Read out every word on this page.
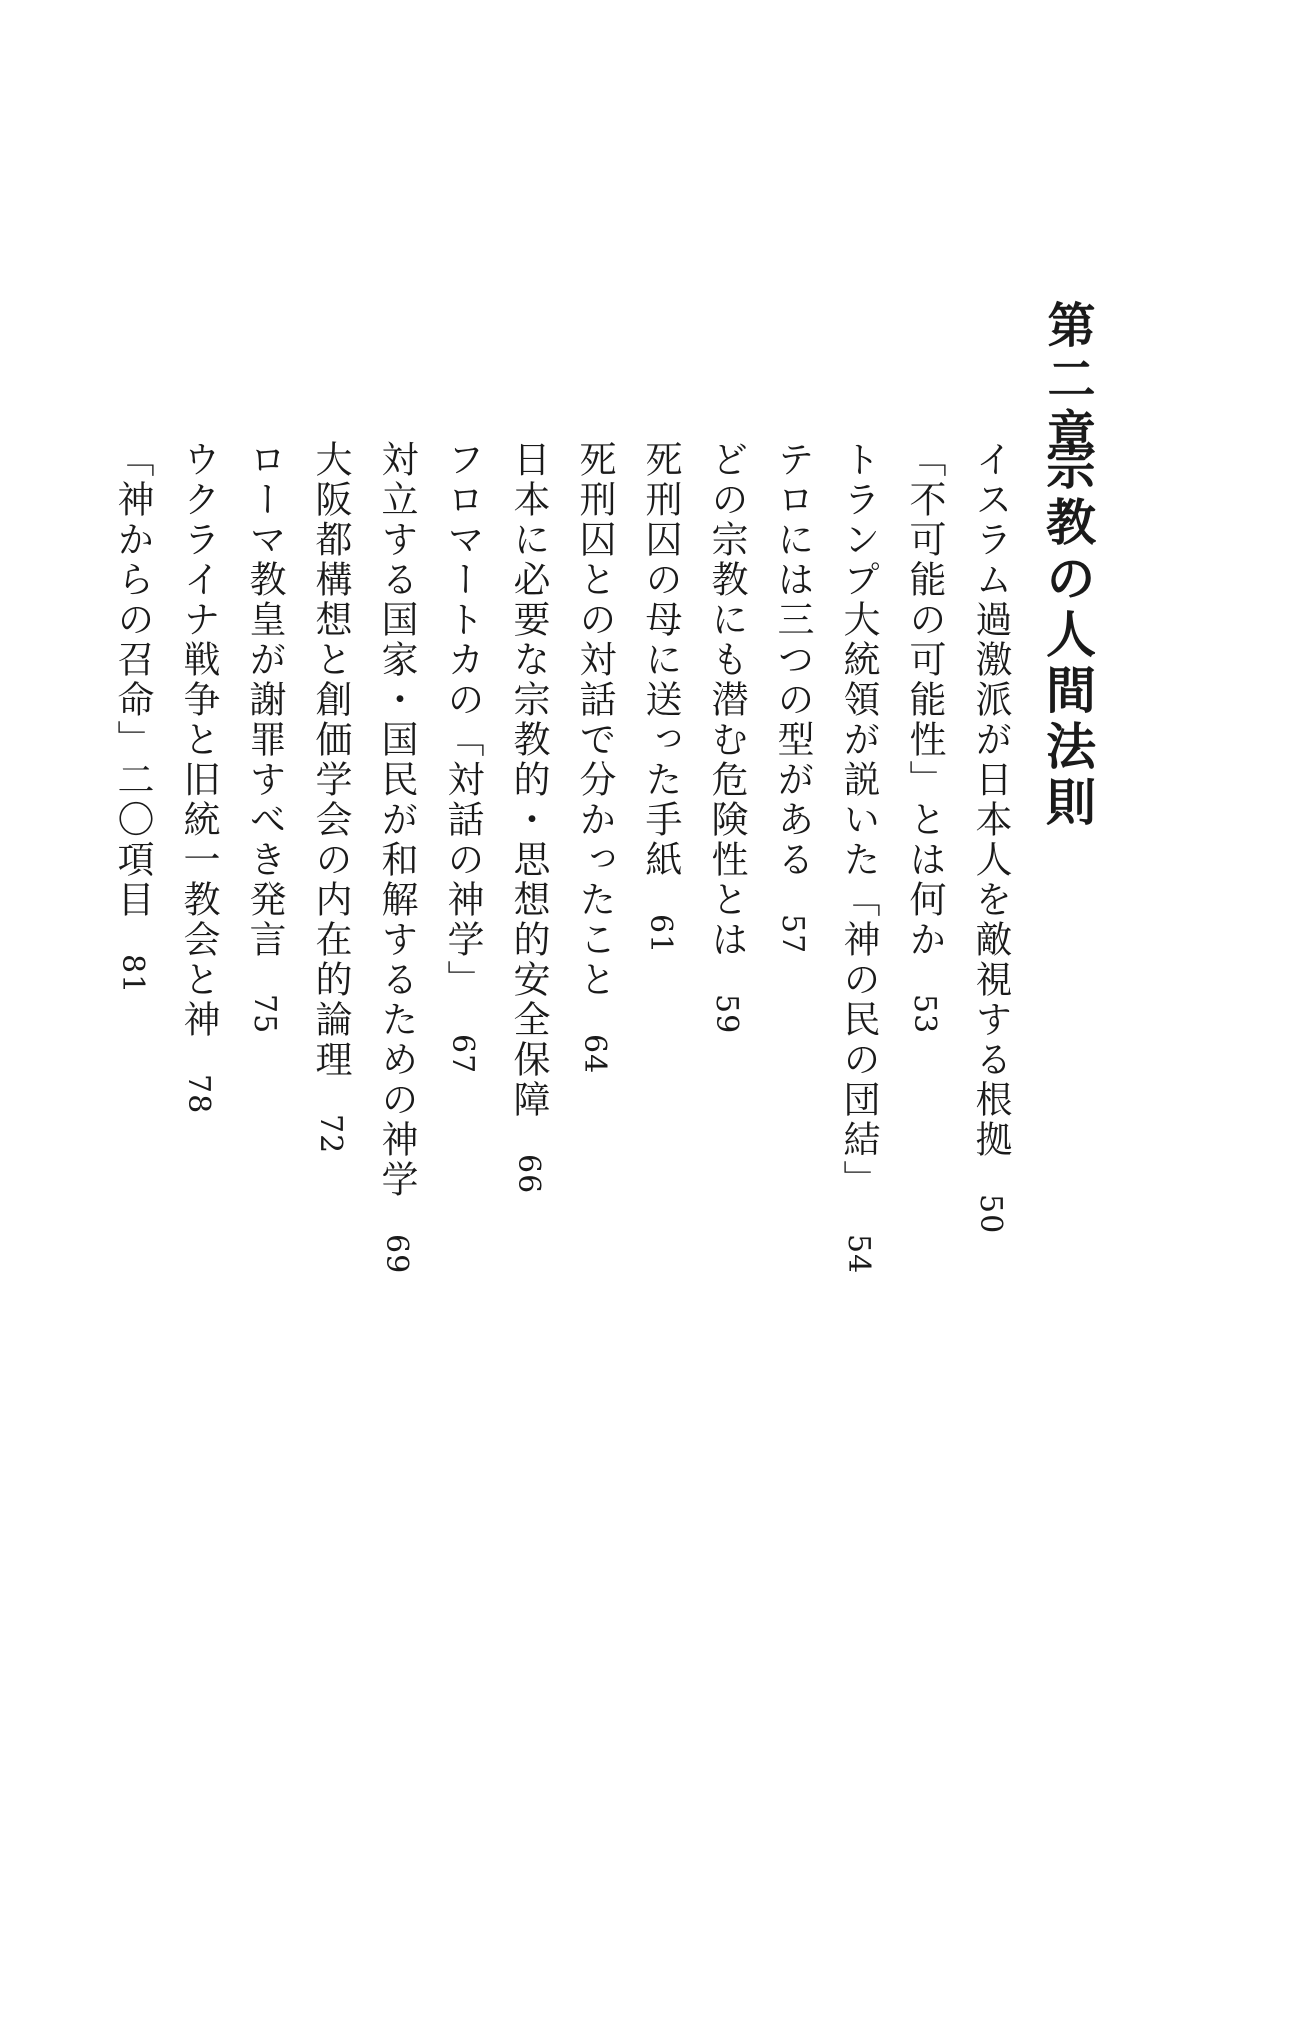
第二章
宗教の人間法則
イスラム過激派が日本人を敵視する根拠50
「不可能の可能性」とは何か53
トランプ大統領が説いた「神の民の団結」54
テロには三つの型がある57
どの宗教にも潜む危険性とは59
死刑囚の母に送った手紙61
死刑囚との対話で分かったこと64
日本に必要な宗教的・思想的安全保障66
フロマートカの「対話の神学」67
対立する国家・国民が和解するための神学69
大阪都構想と創価学会の内在的論理72
ローマ教皇が謝罪すべき発言75
ウクライナ戦争と旧統一教会と神78
「神からの召命」二〇項目81
